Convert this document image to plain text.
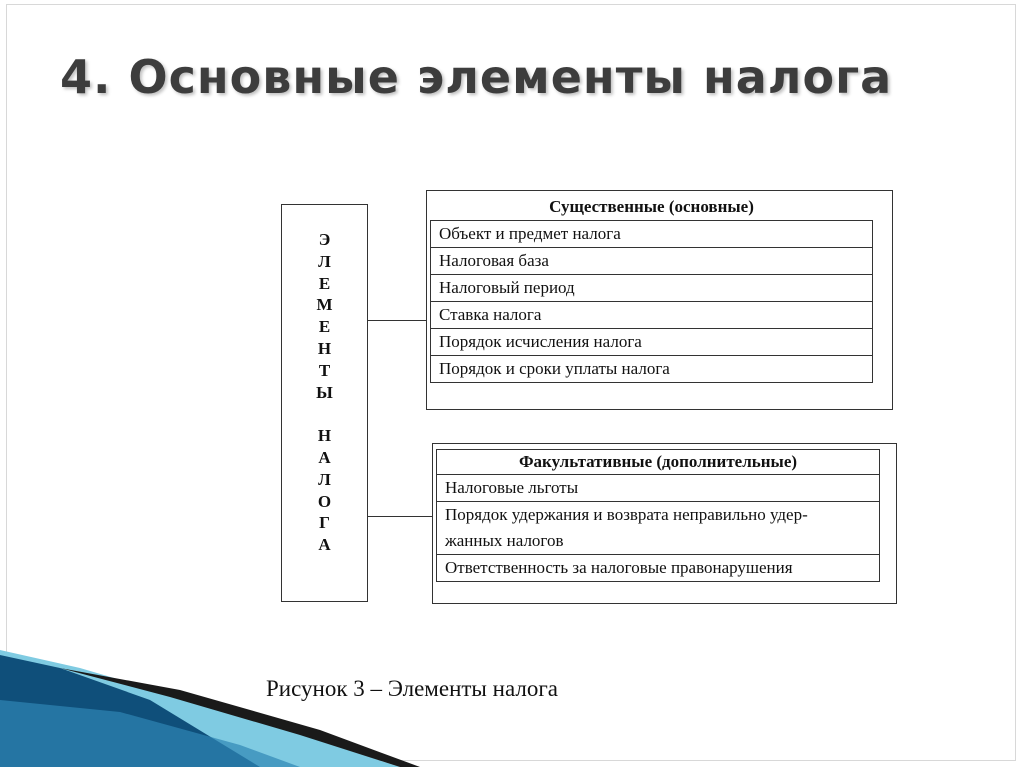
4. Основные элементы налога
Э
Л
Е
М
Е
Н
Т
Ы
Н
А
Л
О
Г
А
Существенные (основные)
Объект и предмет налога
Налоговая база
Налоговый период
Ставка налога
Порядок исчисления налога
Порядок и сроки уплаты налога
Факультативные (дополнительные)
Налоговые льготы
Порядок удержания и возврата неправильно удер-
жанных налогов
Ответственность за налоговые правонарушения
Рисунок 3 – Элементы налога
